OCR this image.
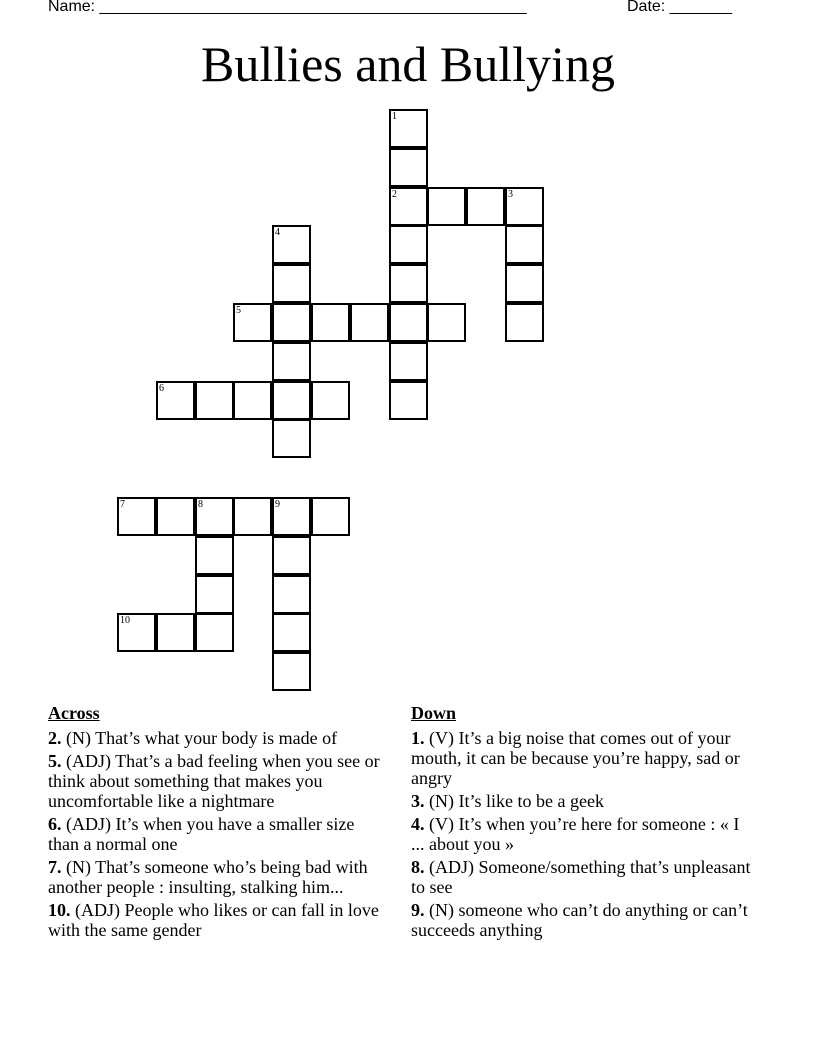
Name: ________________________________________________	Date: _______
Bullies and Bullying
1
2	3
4
5
6
7	8	9
10
Across
2. (N) That’s what your body is made of
5. (ADJ) That’s a bad feeling when you see or think about something that makes you uncomfortable like a nightmare
6. (ADJ) It’s when you have a smaller size than a normal one
7. (N) That’s someone who’s being bad with another people : insulting, stalking him...
10. (ADJ) People who likes or can fall in love with the same gender
Down
1. (V) It’s a big noise that comes out of your mouth, it can be because you’re happy, sad or angry
3. (N) It’s like to be a geek
4. (V) It’s when you’re here for someone : « I ... about you »
8. (ADJ) Someone/something that’s unpleasant to see
9. (N) someone who can’t do anything or can’t succeeds anything
